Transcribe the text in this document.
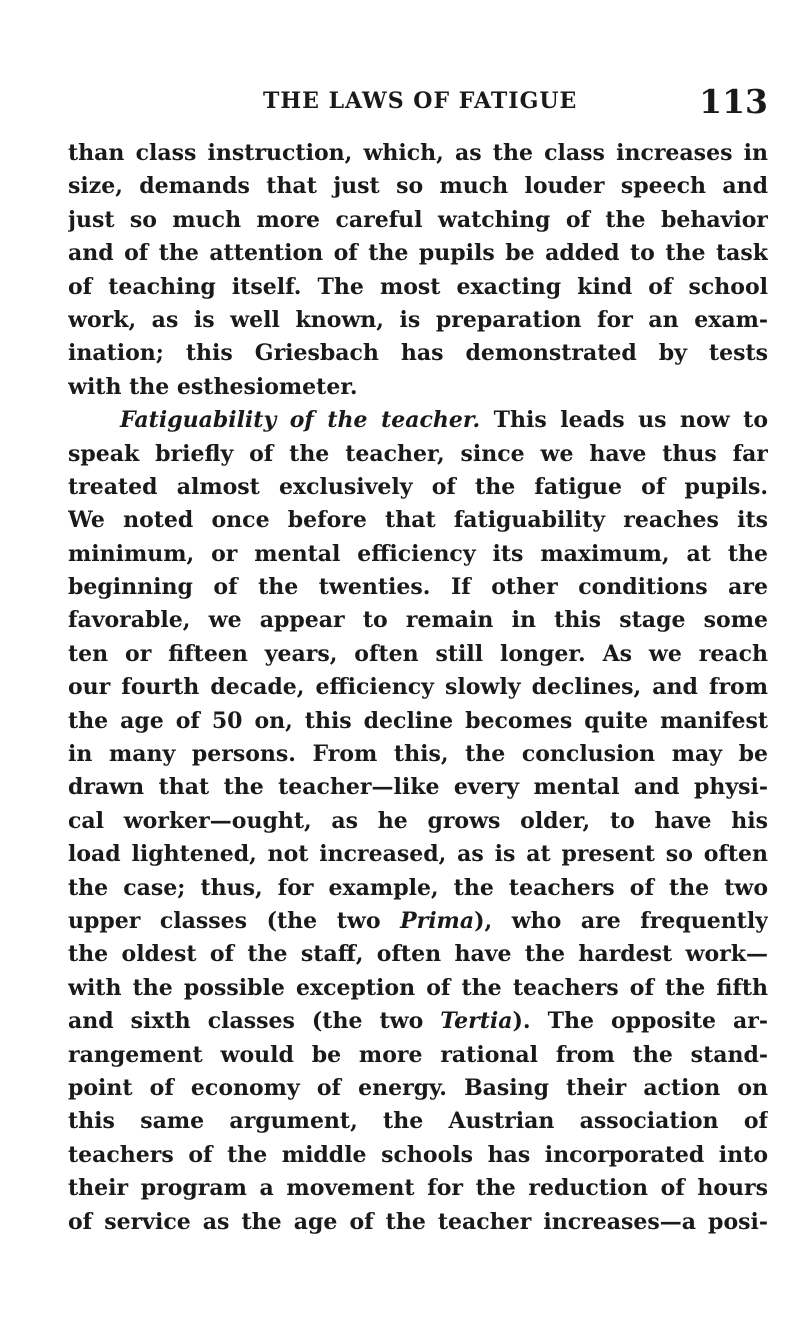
THE LAWS OF FATIGUE	113
than class instruction, which, as the class increases in
size, demands that just so much louder speech and
just so much more careful watching of the behavior
and of the attention of the pupils be added to the task
of teaching itself. The most exacting kind of school
work, as is well known, is preparation for an exam-
ination; this Griesbach has demonstrated by tests
with the esthesiometer.
Fatiguability of the teacher. This leads us now to
speak briefly of the teacher, since we have thus far
treated almost exclusively of the fatigue of pupils.
We noted once before that fatiguability reaches its
minimum, or mental efficiency its maximum, at the
beginning of the twenties. If other conditions are
favorable, we appear to remain in this stage some
ten or fifteen years, often still longer. As we reach
our fourth decade, efficiency slowly declines, and from
the age of 50 on, this decline becomes quite manifest
in many persons. From this, the conclusion may be
drawn that the teacher—like every mental and physi-
cal worker—ought, as he grows older, to have his
load lightened, not increased, as is at present so often
the case; thus, for example, the teachers of the two
upper classes (the two Prima), who are frequently
the oldest of the staff, often have the hardest work—
with the possible exception of the teachers of the fifth
and sixth classes (the two Tertia). The opposite ar-
rangement would be more rational from the stand-
point of economy of energy. Basing their action on
this same argument, the Austrian association of
teachers of the middle schools has incorporated into
their program a movement for the reduction of hours
of service as the age of the teacher increases—a posi-
